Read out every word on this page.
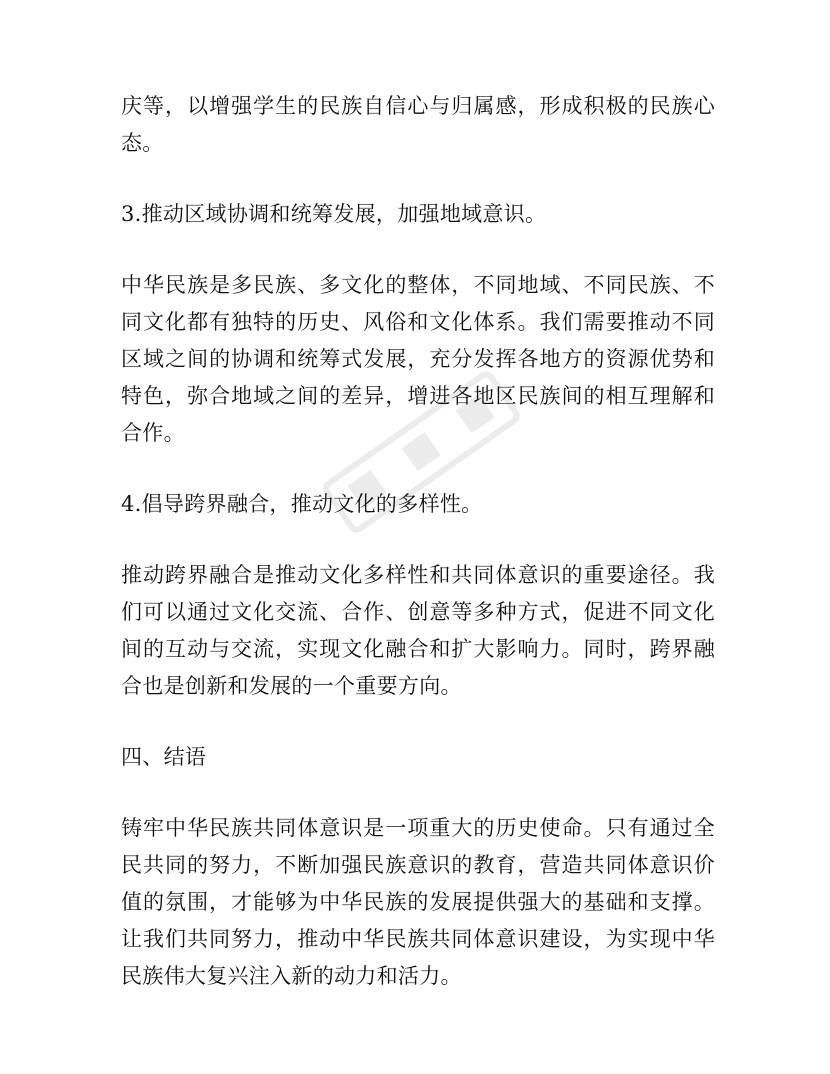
庆等，以增强学生的民族自信心与归属感，形成积极的民族心态。

3.推动区域协调和统筹发展，加强地域意识。

中华民族是多民族、多文化的整体，不同地域、不同民族、不同文化都有独特的历史、风俗和文化体系。我们需要推动不同区域之间的协调和统筹式发展，充分发挥各地方的资源优势和特色，弥合地域之间的差异，增进各地区民族间的相互理解和合作。

4.倡导跨界融合，推动文化的多样性。

推动跨界融合是推动文化多样性和共同体意识的重要途径。我们可以通过文化交流、合作、创意等多种方式，促进不同文化间的互动与交流，实现文化融合和扩大影响力。同时，跨界融合也是创新和发展的一个重要方向。

四、结语

铸牢中华民族共同体意识是一项重大的历史使命。只有通过全民共同的努力，不断加强民族意识的教育，营造共同体意识价值的氛围，才能够为中华民族的发展提供强大的基础和支撑。让我们共同努力，推动中华民族共同体意识建设，为实现中华民族伟大复兴注入新的动力和活力。
